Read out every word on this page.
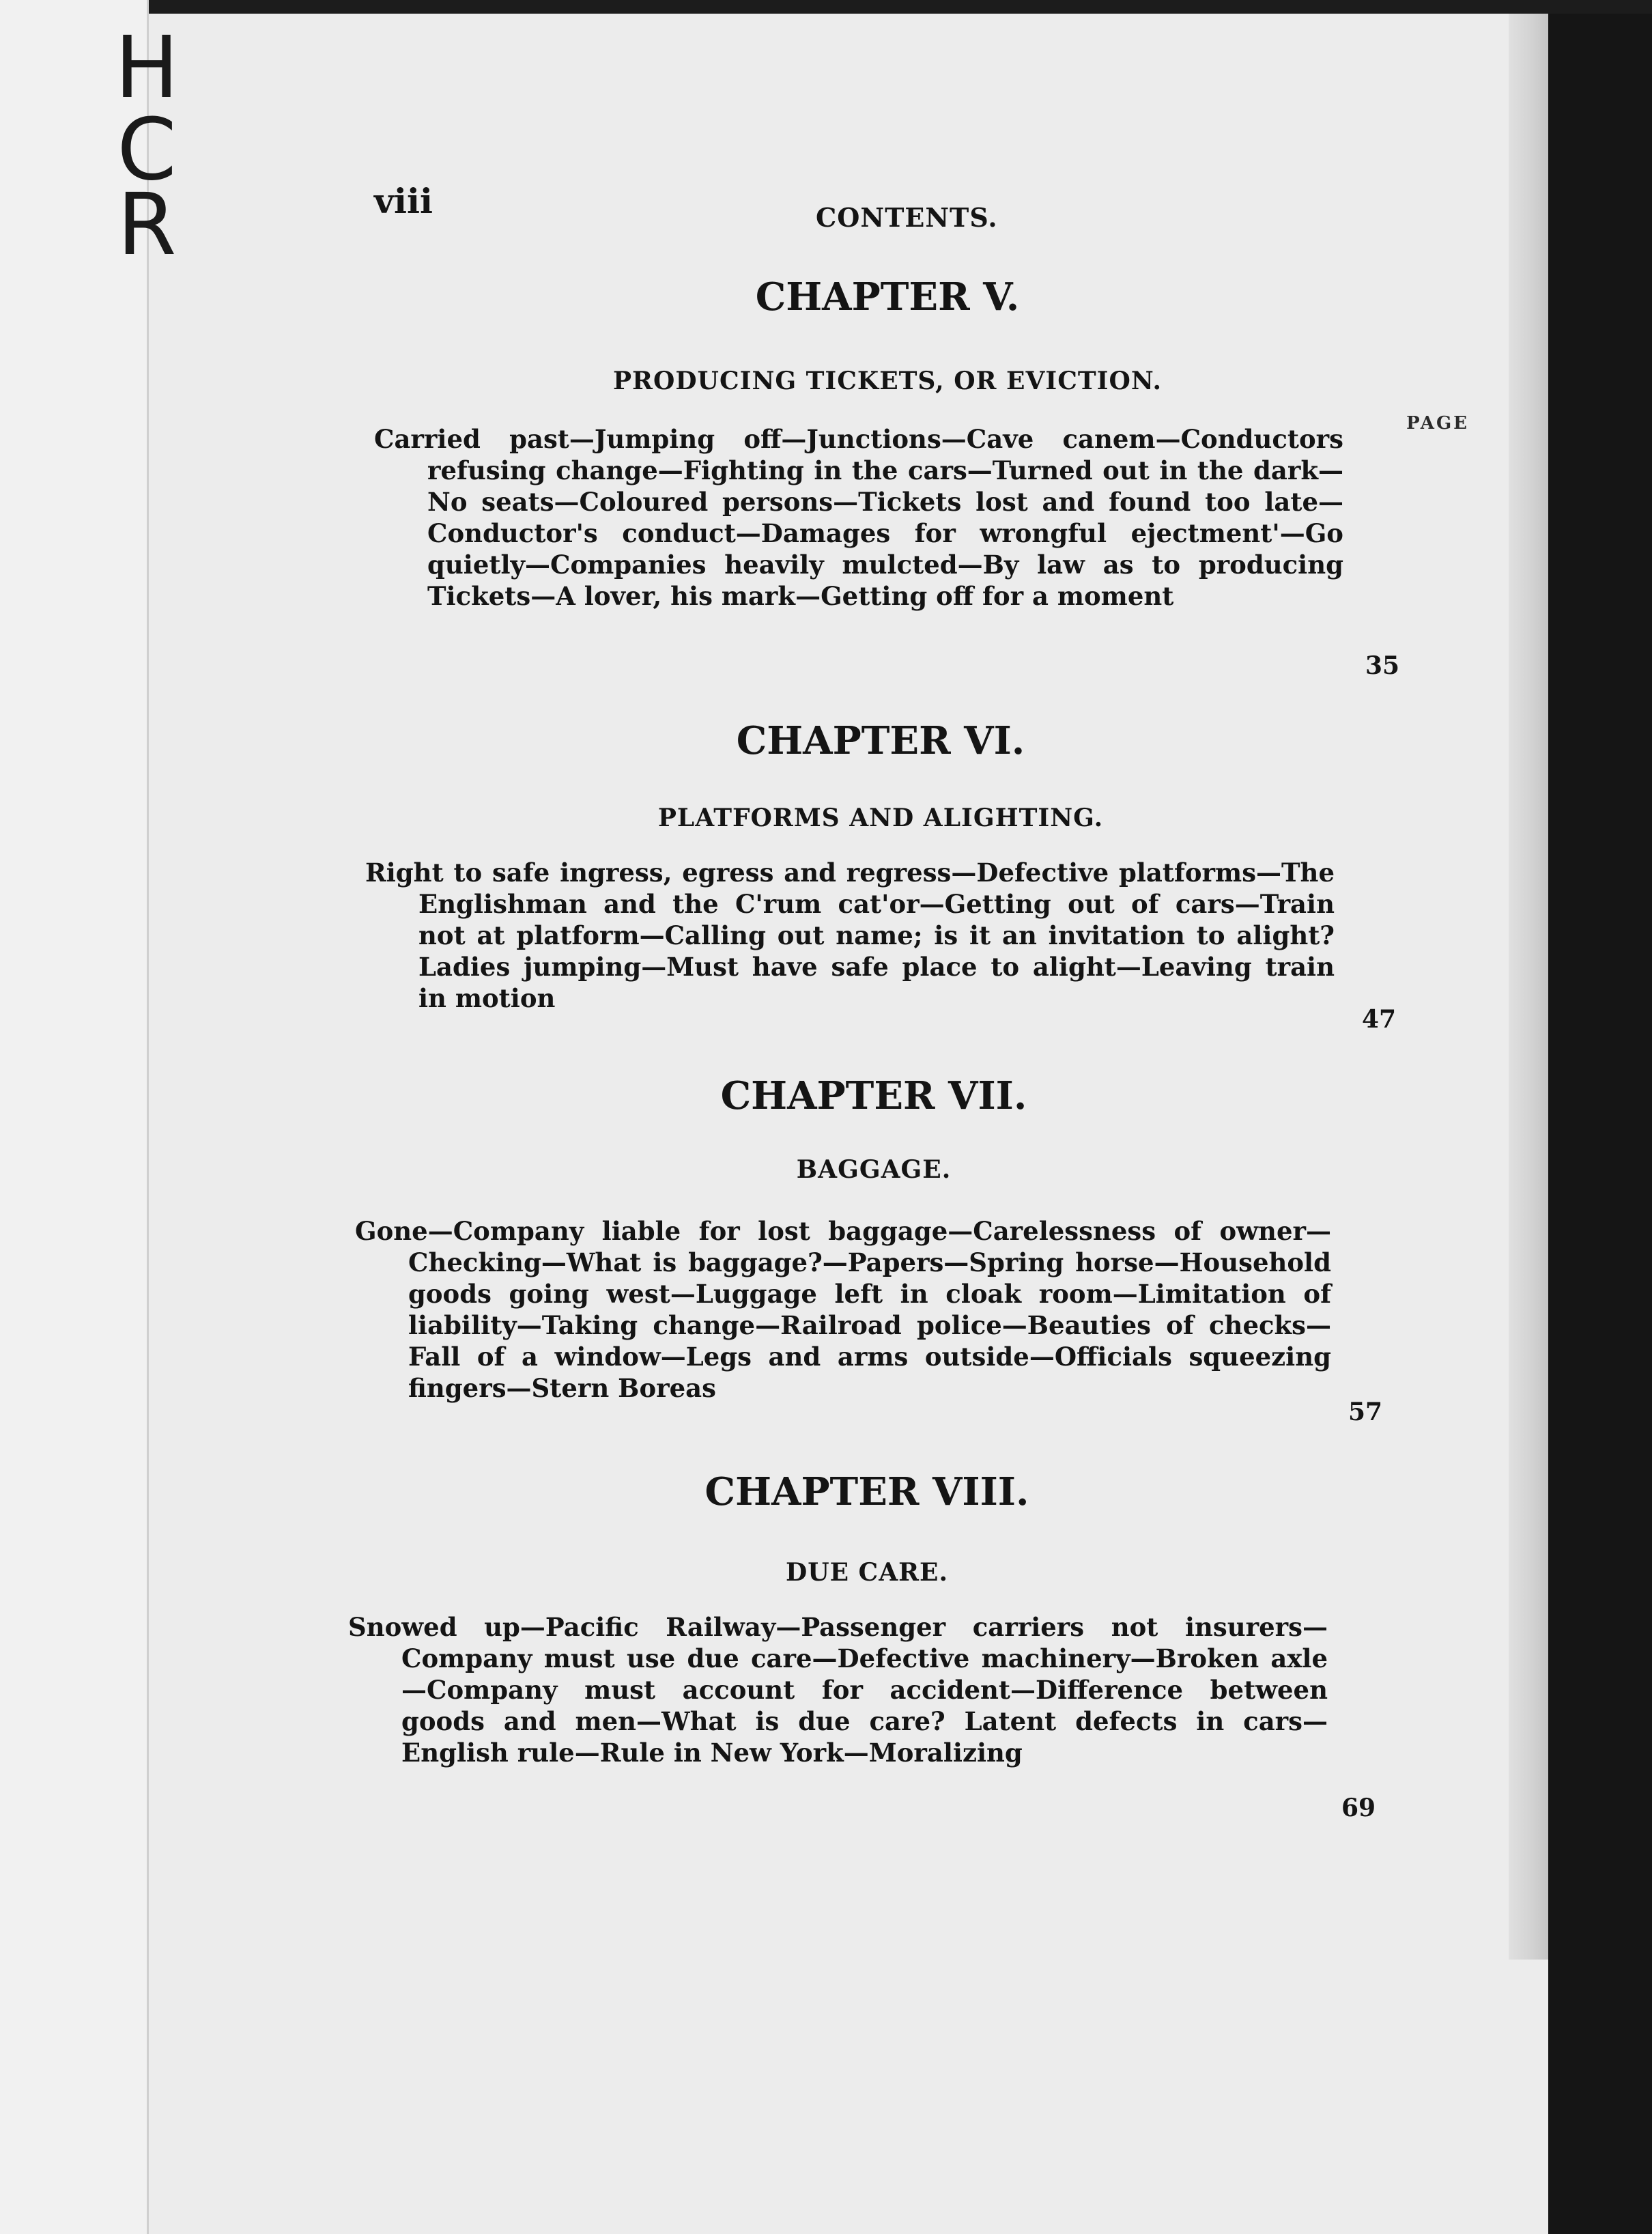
H
C
R	viii	CONTENTS.
PAGE
CHAPTER V.
PRODUCING TICKETS, OR EVICTION.
Carried past—Jumping off—Junctions—Cave canem—Conductors refusing change—Fighting in the cars—Turned out in the dark—No seats—Coloured persons—Tickets lost and found too late—Conductor's conduct—Damages for wrongful ejectment'—Go quietly—Companies heavily mulcted—By law as to producing Tickets—A lover, his mark—Getting off for a moment
35
CHAPTER VI.
PLATFORMS AND ALIGHTING.
Right to safe ingress, egress and regress—Defective platforms—The Englishman and the C'rum cat'or—Getting out of cars—Train not at platform—Calling out name; is it an invitation to alight? Ladies jumping—Must have safe place to alight—Leaving train in motion
47
CHAPTER VII.
BAGGAGE.
Gone—Company liable for lost baggage—Carelessness of owner—Checking—What is baggage?—Papers—Spring horse—Household goods going west—Luggage left in cloak room—Limitation of liability—Taking change—Railroad police—Beauties of checks—Fall of a window—Legs and arms outside—Officials squeezing fingers—Stern Boreas
57
CHAPTER VIII.
DUE CARE.
Snowed up—Pacific Railway—Passenger carriers not insurers—Company must use due care—Defective machinery—Broken axle—Company must account for accident—Difference between goods and men—What is due care? Latent defects in cars—English rule—Rule in New York—Moralizing
69
